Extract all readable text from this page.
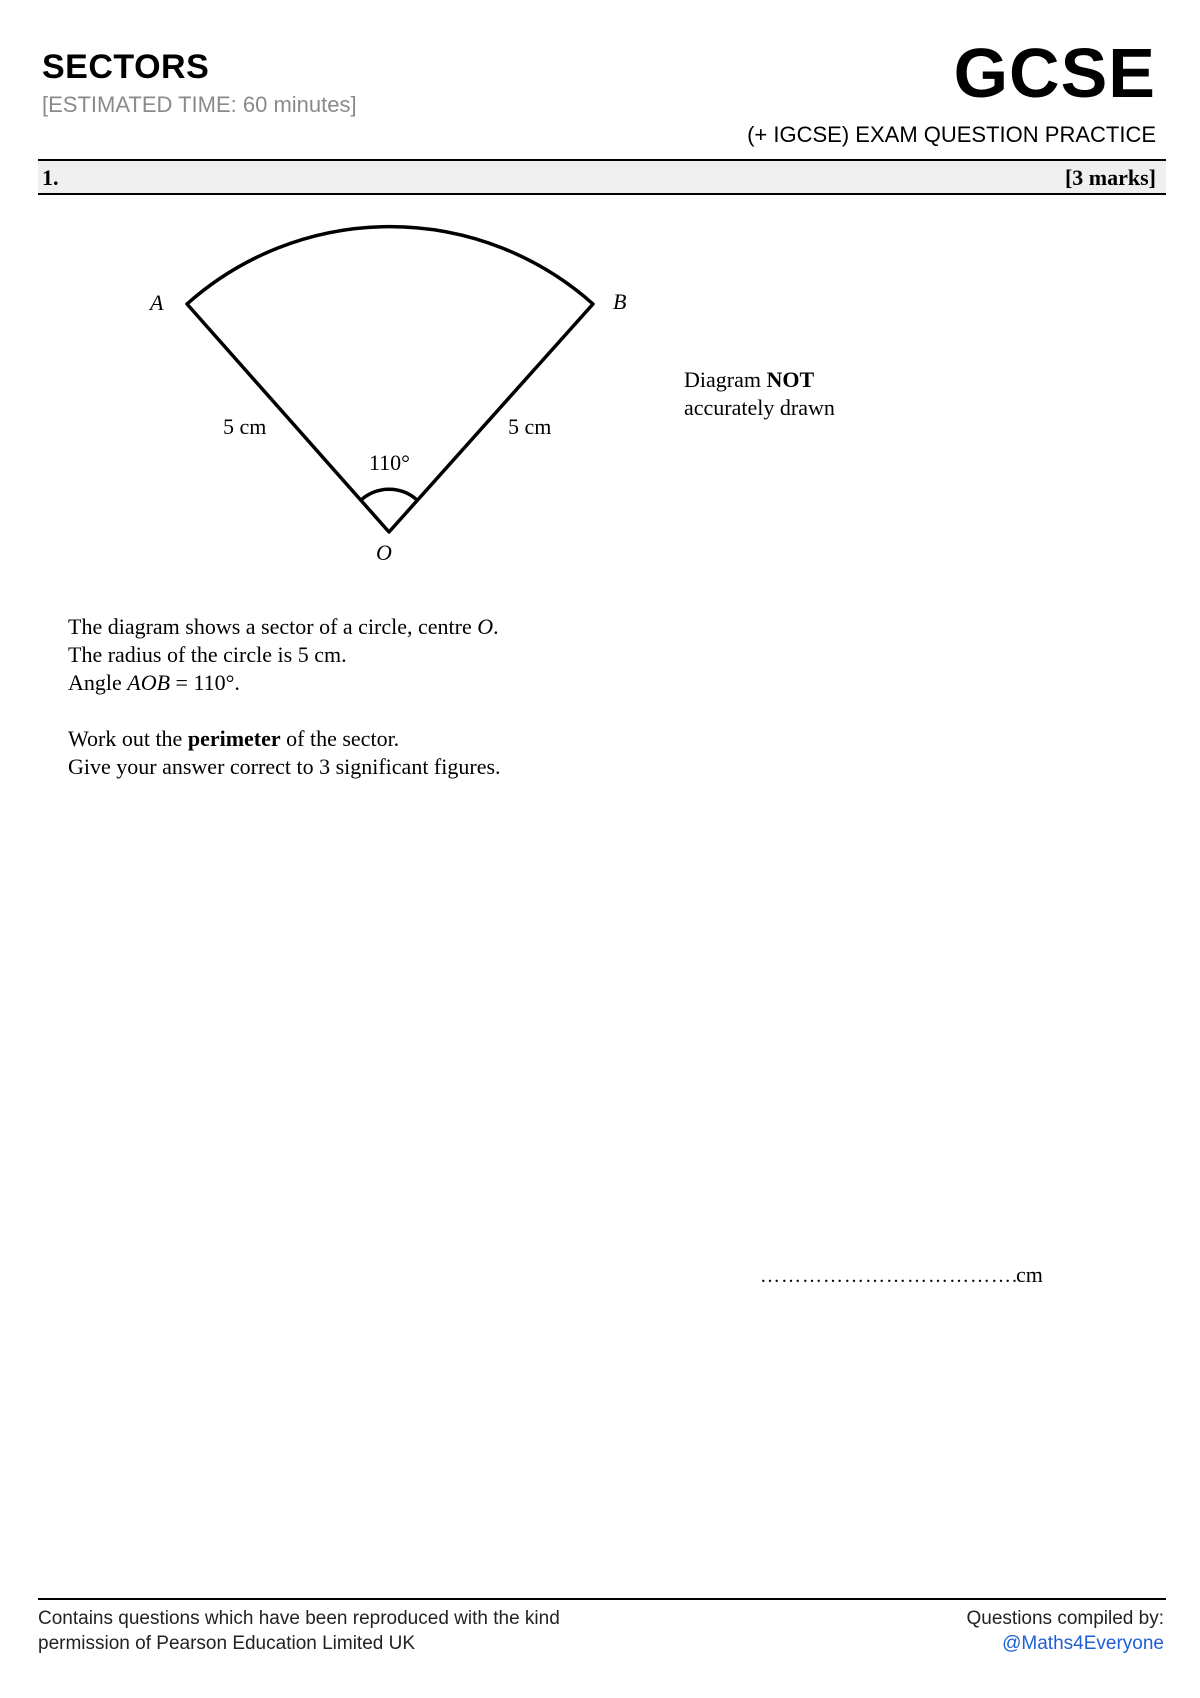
SECTORS
[ESTIMATED TIME: 60 minutes]	GCSE
(+ IGCSE) EXAM QUESTION PRACTICE
1.	[3 marks]
A	B
O
5 cm	5 cm
110°
Diagram NOT
accurately drawn

The diagram shows a sector of a circle, centre O.

The radius of the circle is 5 cm.

Angle AOB = 110°.

Work out the perimeter of the sector.

Give your answer correct to 3 significant figures.

……………………………….
cm
Contains questions which have been reproduced with the kind
permission of Pearson Education Limited UK
Questions compiled by:
@Maths4Everyone
